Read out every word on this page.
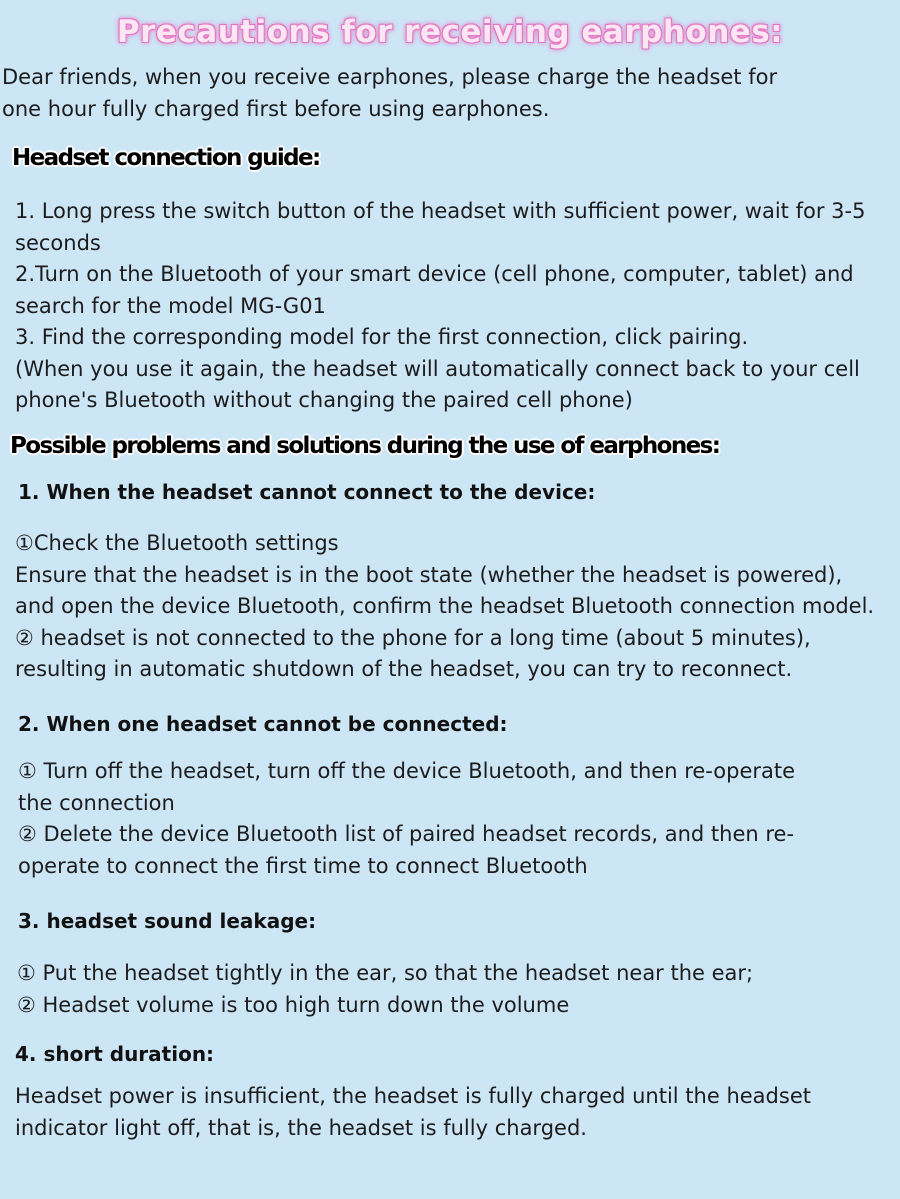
Precautions for receiving earphones:
Dear friends, when you receive earphones, please charge the headset for
one hour fully charged first before using earphones.
Headset connection guide:
1. Long press the switch button of the headset with sufficient power, wait for 3-5
seconds
2.Turn on the Bluetooth of your smart device (cell phone, computer, tablet) and
search for the model MG-G01
3. Find the corresponding model for the first connection, click pairing.
(When you use it again, the headset will automatically connect back to your cell
phone's Bluetooth without changing the paired cell phone)
Possible problems and solutions during the use of earphones:
1. When the headset cannot connect to the device:
①Check the Bluetooth settings
Ensure that the headset is in the boot state (whether the headset is powered),
and open the device Bluetooth, confirm the headset Bluetooth connection model.
② headset is not connected to the phone for a long time (about 5 minutes),
resulting in automatic shutdown of the headset, you can try to reconnect.
2. When one headset cannot be connected:
① Turn off the headset, turn off the device Bluetooth, and then re-operate
the connection
② Delete the device Bluetooth list of paired headset records, and then re-
operate to connect the first time to connect Bluetooth
3. headset sound leakage:
① Put the headset tightly in the ear, so that the headset near the ear;
② Headset volume is too high turn down the volume
4. short duration:
Headset power is insufficient, the headset is fully charged until the headset
indicator light off, that is, the headset is fully charged.
